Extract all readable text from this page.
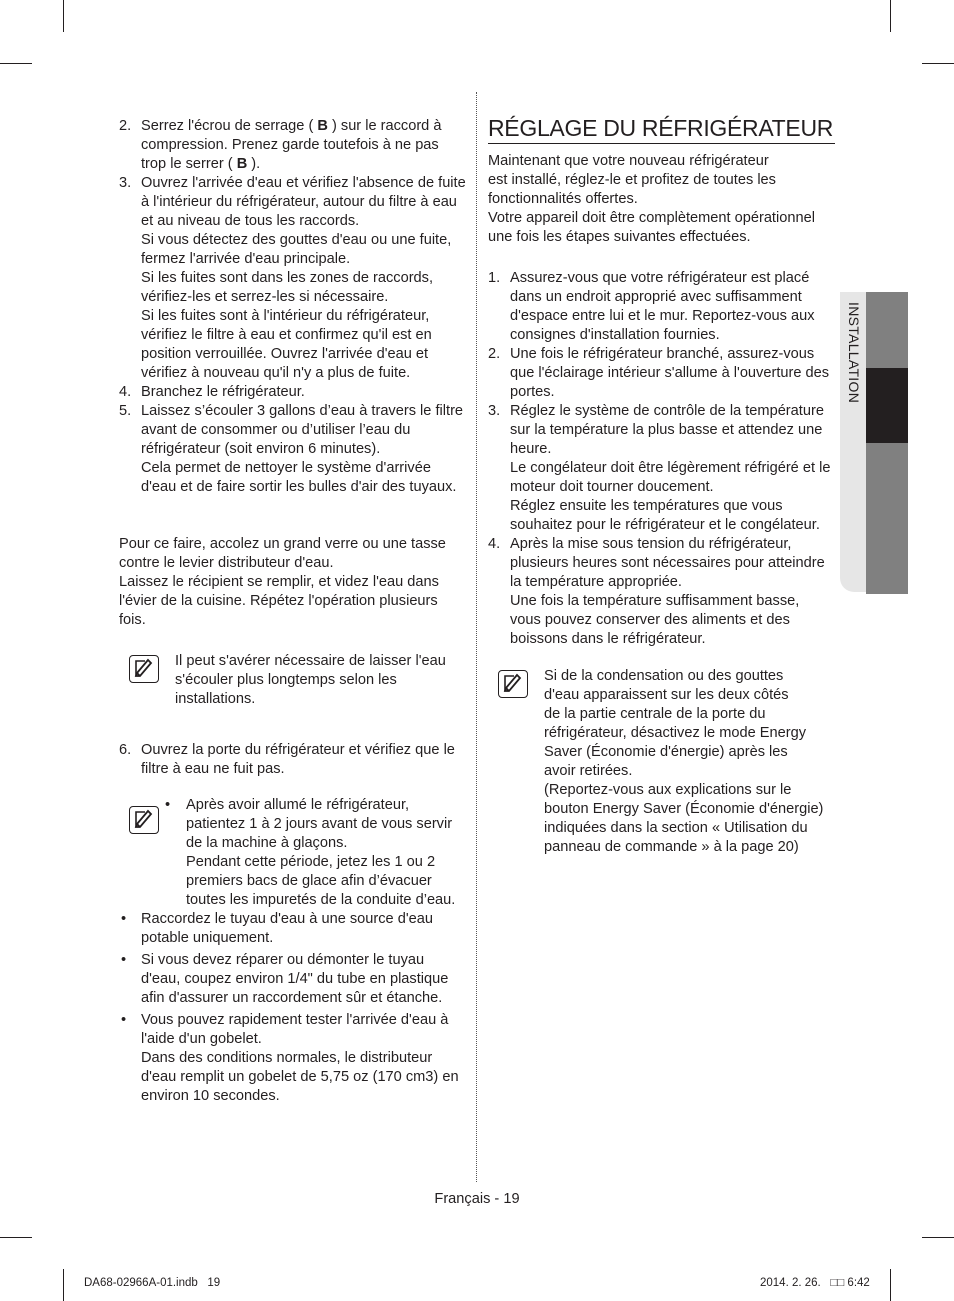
INSTALLATION
2. Serrez l'écrou de serrage ( B ) sur le raccord à compression. Prenez garde toutefois à ne pas trop le serrer ( B ).
3. Ouvrez l'arrivée d'eau et vérifiez l'absence de fuite à l'intérieur du réfrigérateur, autour du filtre à eau et au niveau de tous les raccords.
Si vous détectez des gouttes d'eau ou une fuite, fermez l'arrivée d'eau principale.
Si les fuites sont dans les zones de raccords, vérifiez-les et serrez-les si nécessaire.
Si les fuites sont à l'intérieur du réfrigérateur, vérifiez le filtre à eau et confirmez qu'il est en position verrouillée. Ouvrez l'arrivée d'eau et vérifiez à nouveau qu'il n'y a plus de fuite.
4. Branchez le réfrigérateur.
5. Laissez s’écouler 3 gallons d’eau à travers le filtre avant de consommer ou d’utiliser l’eau du réfrigérateur (soit environ 6 minutes).
Cela permet de nettoyer le système d'arrivée d'eau et de faire sortir les bulles d'air des tuyaux.

Pour ce faire, accolez un grand verre ou une tasse contre le levier distributeur d'eau.

Laissez le récipient se remplir, et videz l'eau dans l'évier de la cuisine. Répétez l'opération plusieurs fois.

Il peut s'avérer nécessaire de laisser l'eau s'écouler plus longtemps selon les installations.
6. Ouvrez la porte du réfrigérateur et vérifiez que le filtre à eau ne fuit pas.
• Après avoir allumé le réfrigérateur, patientez 1 à 2 jours avant de vous servir de la machine à glaçons.
Pendant cette période, jetez les 1 ou 2 premiers bacs de glace afin d’évacuer toutes les impuretés de la conduite d’eau.
• Raccordez le tuyau d'eau à une source d'eau potable uniquement.
• Si vous devez réparer ou démonter le tuyau d'eau, coupez environ 1/4" du tube en plastique afin d'assurer un raccordement sûr et étanche.
• Vous pouvez rapidement tester l'arrivée d'eau à l'aide d'un gobelet.
Dans des conditions normales, le distributeur d'eau remplit un gobelet de 5,75 oz (170 cm3) en environ 10 secondes.
RÉGLAGE DU RÉFRIGÉRATEUR

Maintenant que votre nouveau réfrigérateur est installé, réglez-le et profitez de toutes les fonctionnalités offertes.

Votre appareil doit être complètement opérationnel une fois les étapes suivantes effectuées.

1. Assurez-vous que votre réfrigérateur est placé dans un endroit approprié avec suffisamment d'espace entre lui et le mur. Reportez-vous aux consignes d'installation fournies.
2. Une fois le réfrigérateur branché, assurez-vous que l'éclairage intérieur s'allume à l'ouverture des portes.
3. Réglez le système de contrôle de la température sur la température la plus basse et attendez une heure.
Le congélateur doit être légèrement réfrigéré et le moteur doit tourner doucement.
Réglez ensuite les températures que vous souhaitez pour le réfrigérateur et le congélateur.
4. Après la mise sous tension du réfrigérateur, plusieurs heures sont nécessaires pour atteindre la température appropriée.
Une fois la température suffisamment basse, vous pouvez conserver des aliments et des boissons dans le réfrigérateur.
Si de la condensation ou des gouttes d'eau apparaissent sur les deux côtés de la partie centrale de la porte du réfrigérateur, désactivez le mode Energy Saver (Économie d'énergie) après les avoir retirées.
(Reportez-vous aux explications sur le bouton Energy Saver (Économie d'énergie) indiquées dans la section « Utilisation du panneau de commande » à la page 20)
Français - 19
DA68-02966A-01.indb   19	2014. 2. 26.   □□ 6:42
